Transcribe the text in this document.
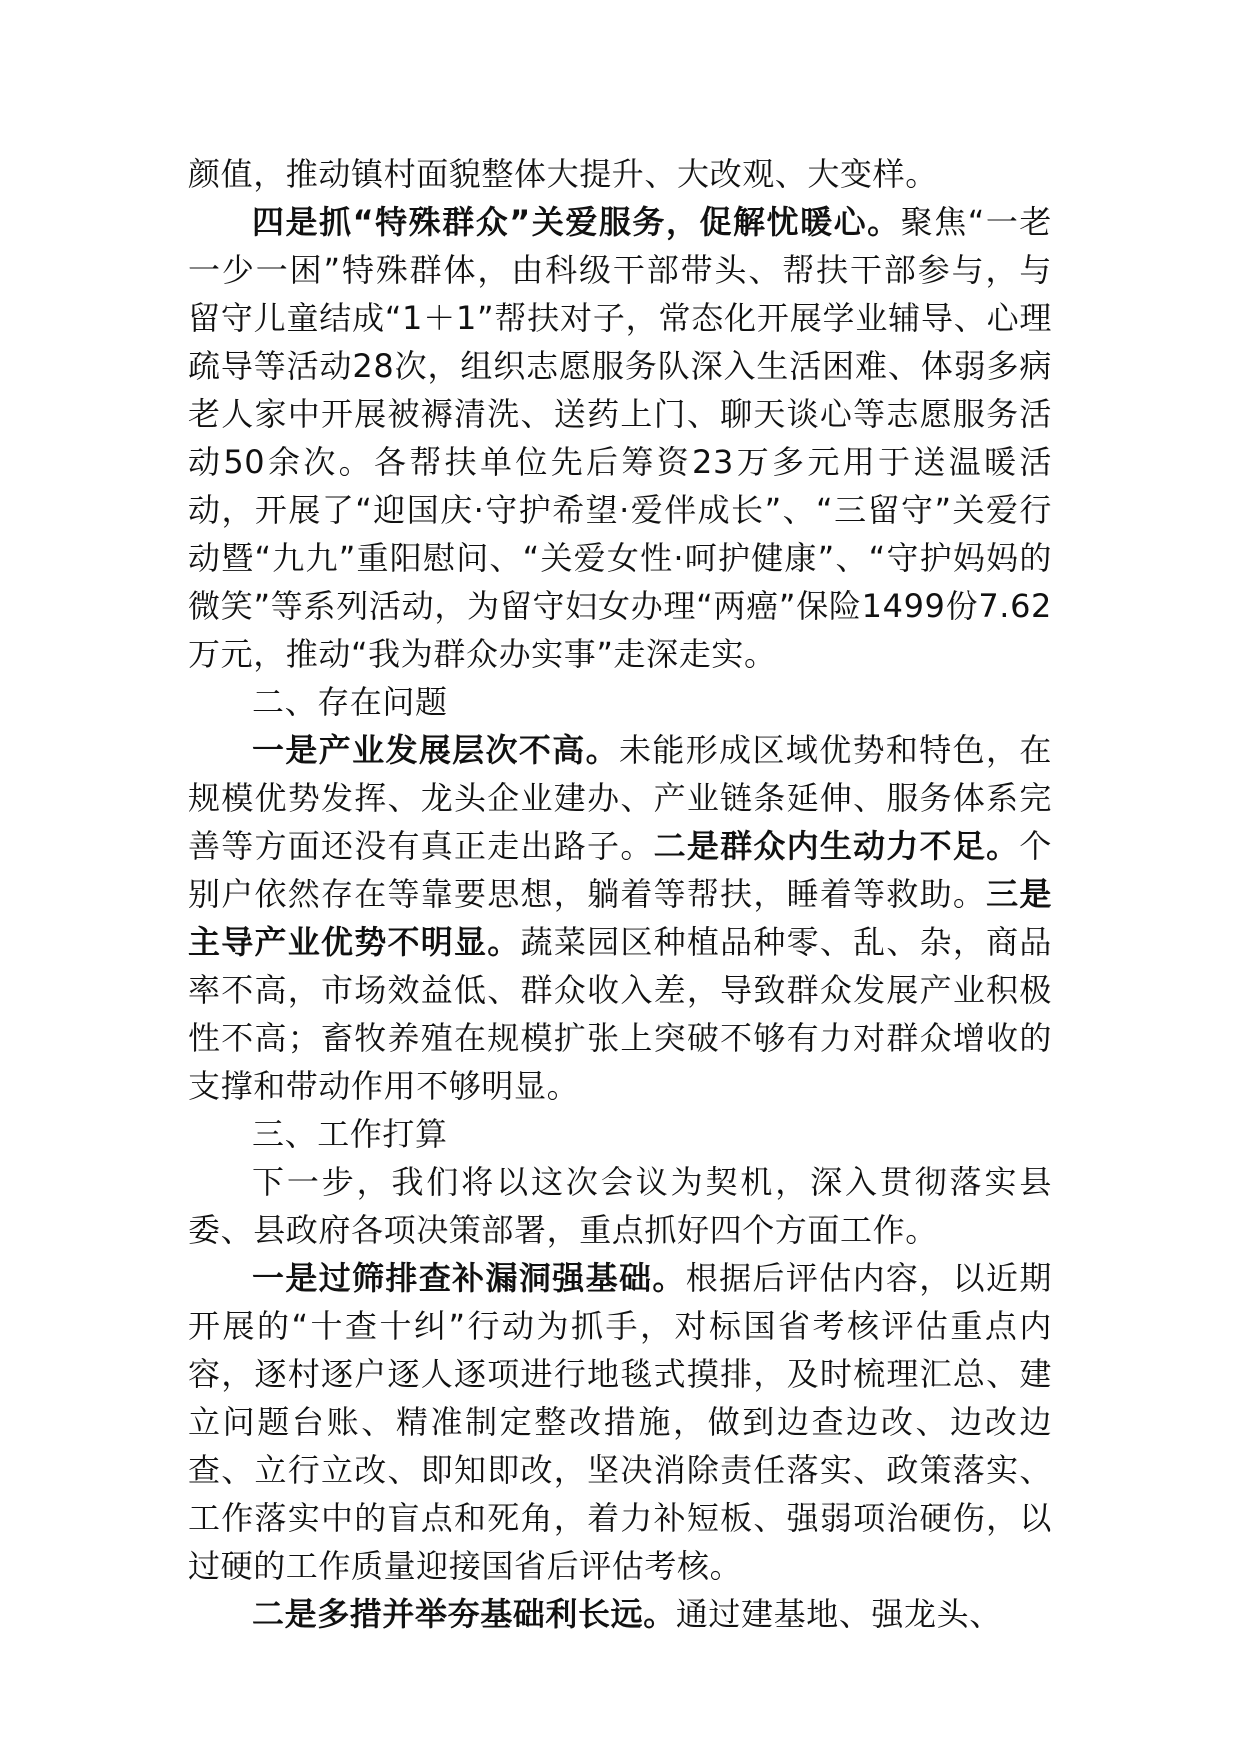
颜值，推动镇村面貌整体大提升、大改观、大变样。

四是抓“特殊群众”关爱服务，促解忧暖心。聚焦“一老一少一困”特殊群体，由科级干部带头、帮扶干部参与，与留守儿童结成“1＋1”帮扶对子，常态化开展学业辅导、心理疏导等活动28次，组织志愿服务队深入生活困难、体弱多病老人家中开展被褥清洗、送药上门、聊天谈心等志愿服务活动50余次。各帮扶单位先后筹资23万多元用于送温暖活动，开展了“迎国庆·守护希望·爱伴成长”、“三留守”关爱行动暨“九九”重阳慰问、“关爱女性·呵护健康”、“守护妈妈的微笑”等系列活动，为留守妇女办理“两癌”保险1499份7.62万元，推动“我为群众办实事”走深走实。

二、存在问题

一是产业发展层次不高。未能形成区域优势和特色，在规模优势发挥、龙头企业建办、产业链条延伸、服务体系完善等方面还没有真正走出路子。二是群众内生动力不足。个别户依然存在等靠要思想，躺着等帮扶，睡着等救助。三是主导产业优势不明显。蔬菜园区种植品种零、乱、杂，商品率不高，市场效益低、群众收入差，导致群众发展产业积极性不高；畜牧养殖在规模扩张上突破不够有力对群众增收的支撑和带动作用不够明显。

三、工作打算

下一步，我们将以这次会议为契机，深入贯彻落实县委、县政府各项决策部署，重点抓好四个方面工作。

一是过筛排查补漏洞强基础。根据后评估内容，以近期开展的“十查十纠”行动为抓手，对标国省考核评估重点内容，逐村逐户逐人逐项进行地毯式摸排，及时梳理汇总、建立问题台账、精准制定整改措施，做到边查边改、边改边查、立行立改、即知即改，坚决消除责任落实、政策落实、工作落实中的盲点和死角，着力补短板、强弱项治硬伤，以过硬的工作质量迎接国省后评估考核。

二是多措并举夯基础利长远。通过建基地、强龙头、
